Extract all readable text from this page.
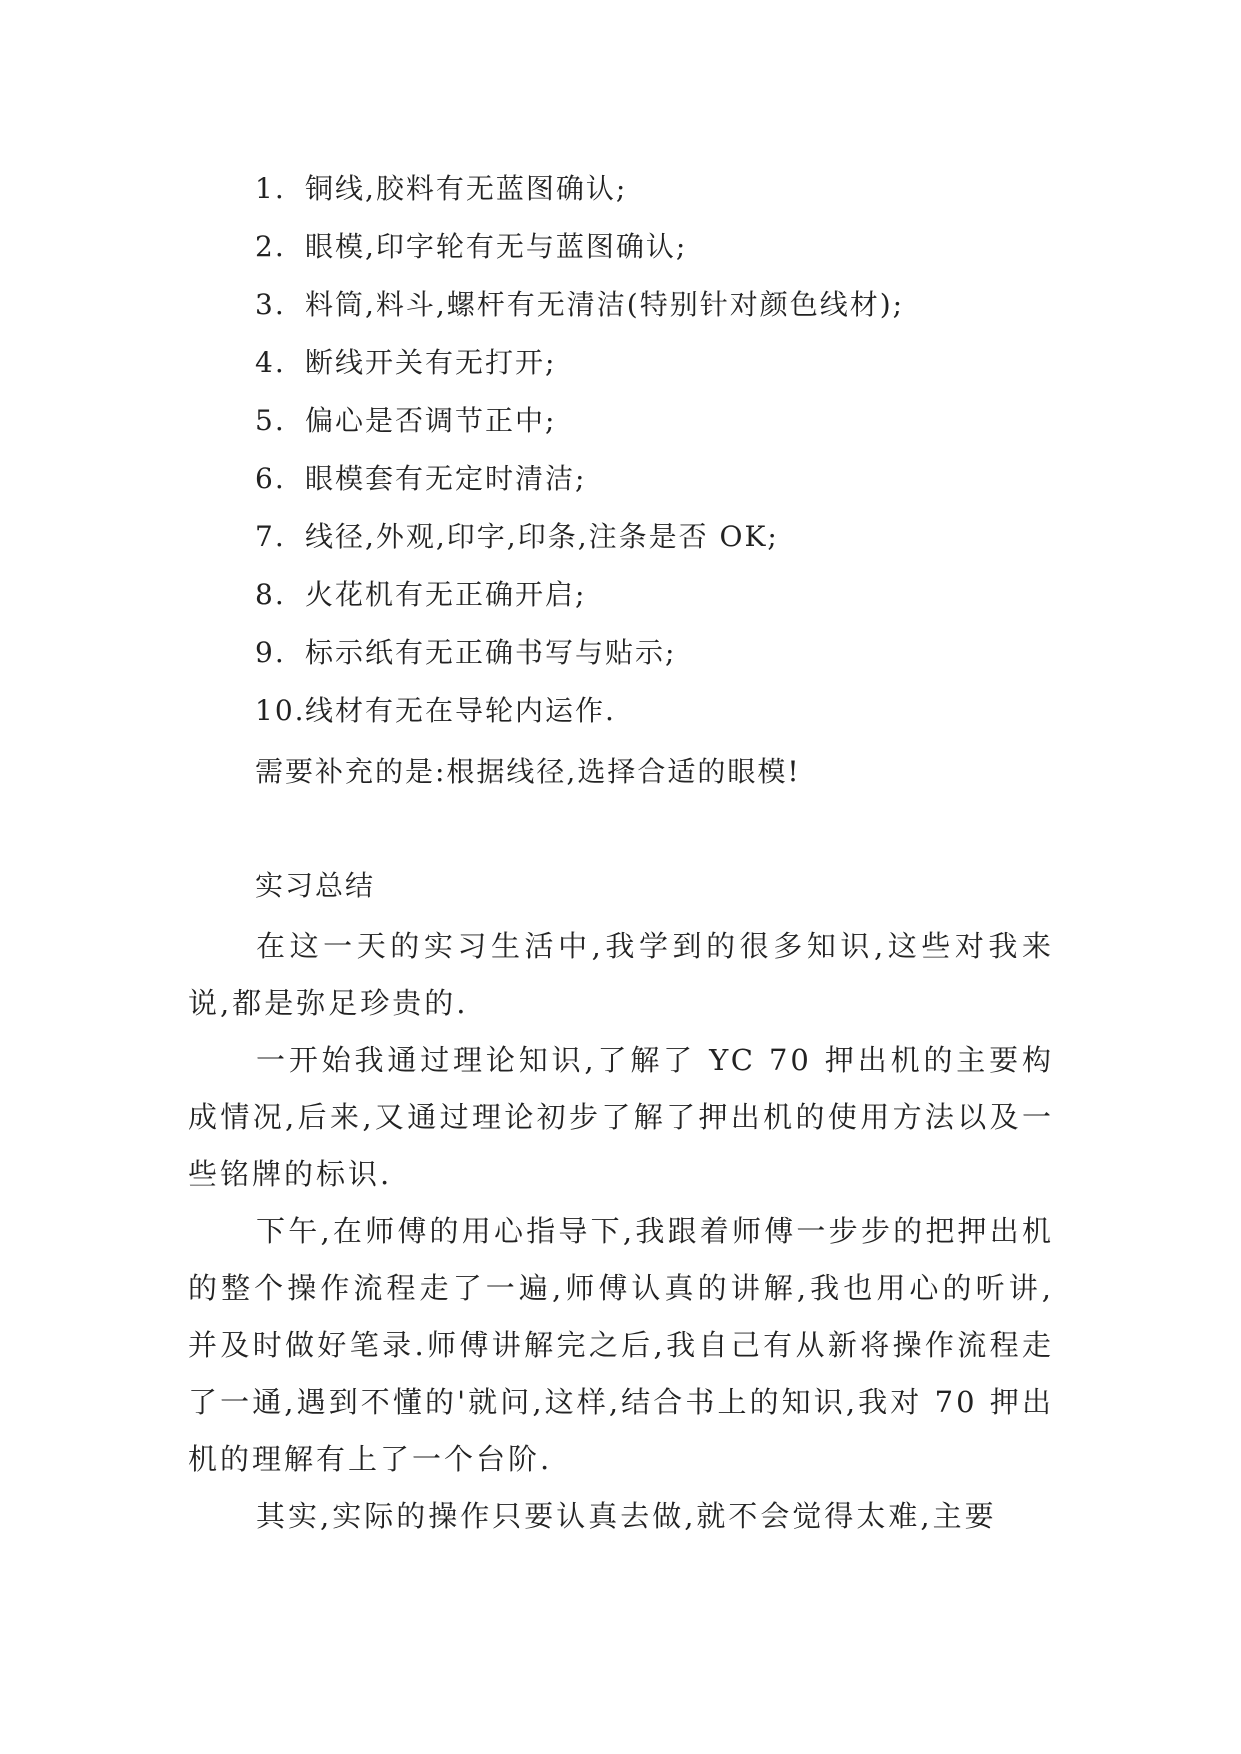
1. 铜线,胶料有无蓝图确认;
2. 眼模,印字轮有无与蓝图确认;
3. 料筒,料斗,螺杆有无清洁(特别针对颜色线材);
4. 断线开关有无打开;
5. 偏心是否调节正中;
6. 眼模套有无定时清洁;
7. 线径,外观,印字,印条,注条是否 OK;
8. 火花机有无正确开启;
9. 标示纸有无正确书写与贴示;
10.线材有无在导轮内运作.
需要补充的是:根据线径,选择合适的眼模!
实习总结

在这一天的实习生活中,我学到的很多知识,这些对我来说,都是弥足珍贵的.

一开始我通过理论知识,了解了 YC 70 押出机的主要构成情况,后来,又通过理论初步了解了押出机的使用方法以及一些铭牌的标识.

下午,在师傅的用心指导下,我跟着师傅一步步的把押出机的整个操作流程走了一遍,师傅认真的讲解,我也用心的听讲,并及时做好笔录.师傅讲解完之后,我自己有从新将操作流程走了一通,遇到不懂的'就问,这样,结合书上的知识,我对 70 押出机的理解有上了一个台阶.

其实,实际的操作只要认真去做,就不会觉得太难,主要
